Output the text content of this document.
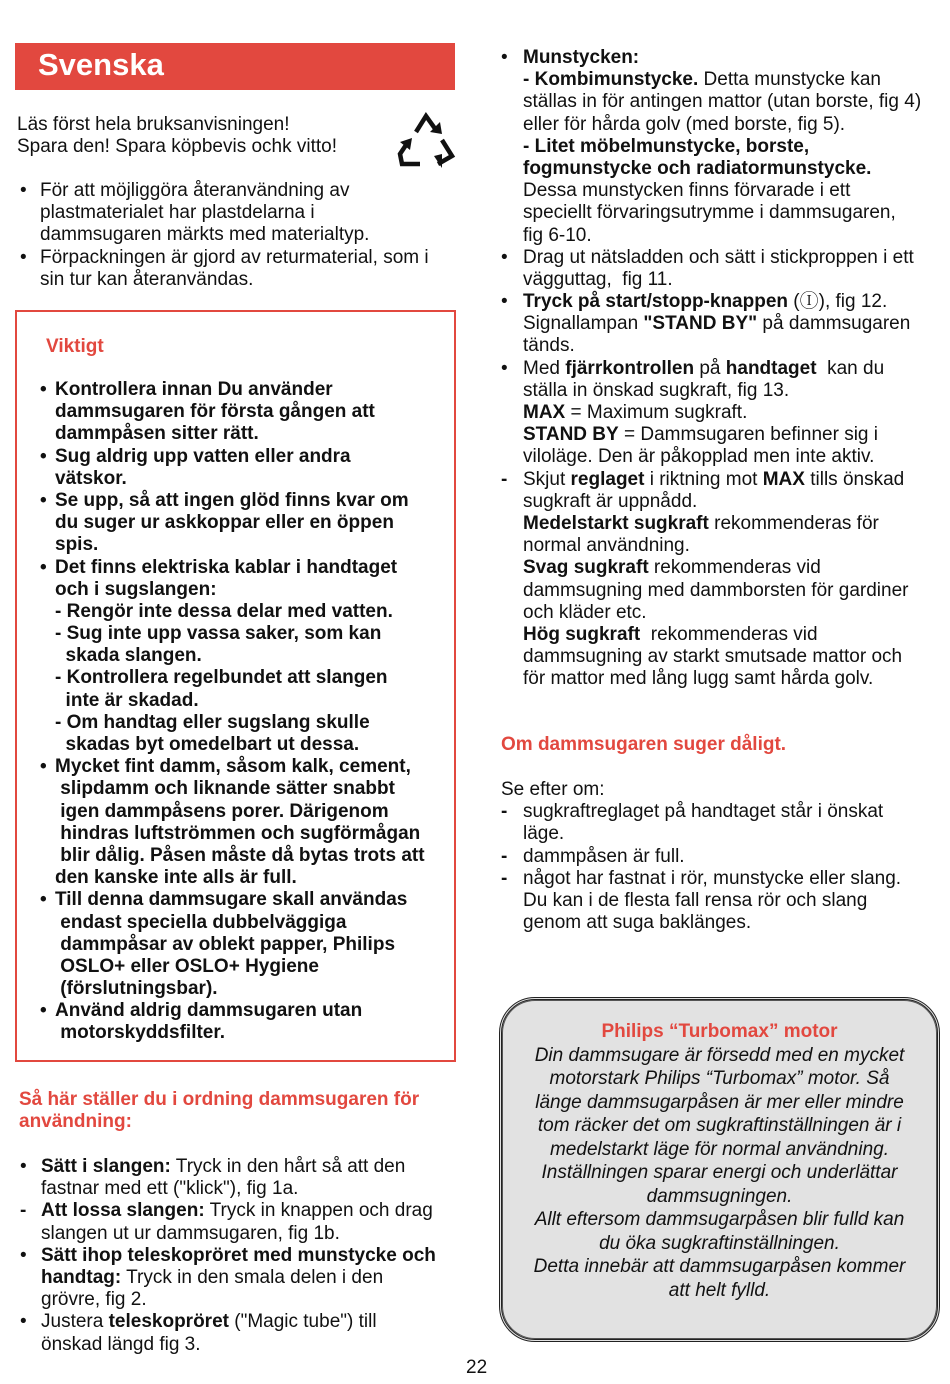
Svenska
Läs först hela bruksanvisningen!
Spara den! Spara köpbevis ochk vitto!
• För att möjliggöra återanvändning av
plastmaterialet har plastdelarna i
dammsugaren märkts med materialtyp.
• Förpackningen är gjord av returmaterial, som i
sin tur kan återanvändas.
Viktigt
• Kontrollera innan Du använder
dammsugaren för första gången att
dammpåsen sitter rätt.
• Sug aldrig upp vatten eller andra
vätskor.
• Se upp, så att ingen glöd finns kvar om
du suger ur askkoppar eller en öppen
spis.
• Det finns elektriska kablar i handtaget
och i sugslangen:
- Rengör inte dessa delar med vatten.
- Sug inte upp vassa saker, som kan
skada slangen.
- Kontrollera regelbundet att slangen
inte är skadad.
- Om handtag eller sugslang skulle
skadas byt omedelbart ut dessa.
• Mycket fint damm, såsom kalk, cement,
slipdamm och liknande sätter snabbt
igen dammpåsens porer. Därigenom
hindras luftströmmen och sugförmågan
blir dålig. Påsen måste då bytas trots att
den kanske inte alls är full.
• Till denna dammsugare skall användas
endast speciella dubbelväggiga
dammpåsar av oblekt papper, Philips
OSLO+ eller OSLO+ Hygiene
(förslutningsbar).
• Använd aldrig dammsugaren utan
motorskyddsfilter.
Så här ställer du i ordning dammsugaren för
användning:
• Sätt i slangen: Tryck in den hårt så att den
fastnar med ett ("klick"), fig 1a.
- Att lossa slangen: Tryck in knappen och drag
slangen ut ur dammsugaren, fig 1b.
• Sätt ihop teleskopröret med munstycke och
handtag: Tryck in den smala delen i den
grövre, fig 2.
• Justera teleskopröret ("Magic tube") till
önskad längd fig 3.
• Munstycken:
- Kombimunstycke. Detta munstycke kan
ställas in för antingen mattor (utan borste, fig 4)
eller för hårda golv (med borste, fig 5).
- Litet möbelmunstycke, borste,
fogmunstycke och radiatormunstycke.
Dessa munstycken finns förvarade i ett
speciellt förvaringsutrymme i dammsugaren,
fig 6-10.
• Drag ut nätsladden och sätt i stickproppen i ett
vägguttag,  fig 11.
• Tryck på start/stopp-knappen (Ⓘ), fig 12.
Signallampan "STAND BY" på dammsugaren
tänds.
• Med fjärrkontrollen på handtaget  kan du
ställa in önskad sugkraft, fig 13.
MAX = Maximum sugkraft.
STAND BY = Dammsugaren befinner sig i
viloläge. Den är påkopplad men inte aktiv.
- Skjut reglaget i riktning mot MAX tills önskad
sugkraft är uppnådd.
Medelstarkt sugkraft rekommenderas för
normal användning.
Svag sugkraft rekommenderas vid
dammsugning med dammborsten för gardiner
och kläder etc.
Hög sugkraft  rekommenderas vid
dammsugning av starkt smutsade mattor och
för mattor med lång lugg samt hårda golv.
Om dammsugaren suger dåligt.
Se efter om:
- sugkraftreglaget på handtaget står i önskat
läge.
- dammpåsen är full.
- något har fastnat i rör, munstycke eller slang.
Du kan i de flesta fall rensa rör och slang
genom att suga baklänges.
Philips “Turbomax” motor
Din dammsugare är försedd med en mycket
motorstark Philips “Turbomax” motor. Så
länge dammsugarpåsen är mer eller mindre
tom räcker det om sugkraftinställningen är i
medelstarkt läge för normal användning.
Inställningen sparar energi och underlättar
dammsugningen.
Allt eftersom dammsugarpåsen blir fulld kan
du öka sugkraftinställningen.
Detta innebär att dammsugarpåsen kommer
att helt fylld.
22
